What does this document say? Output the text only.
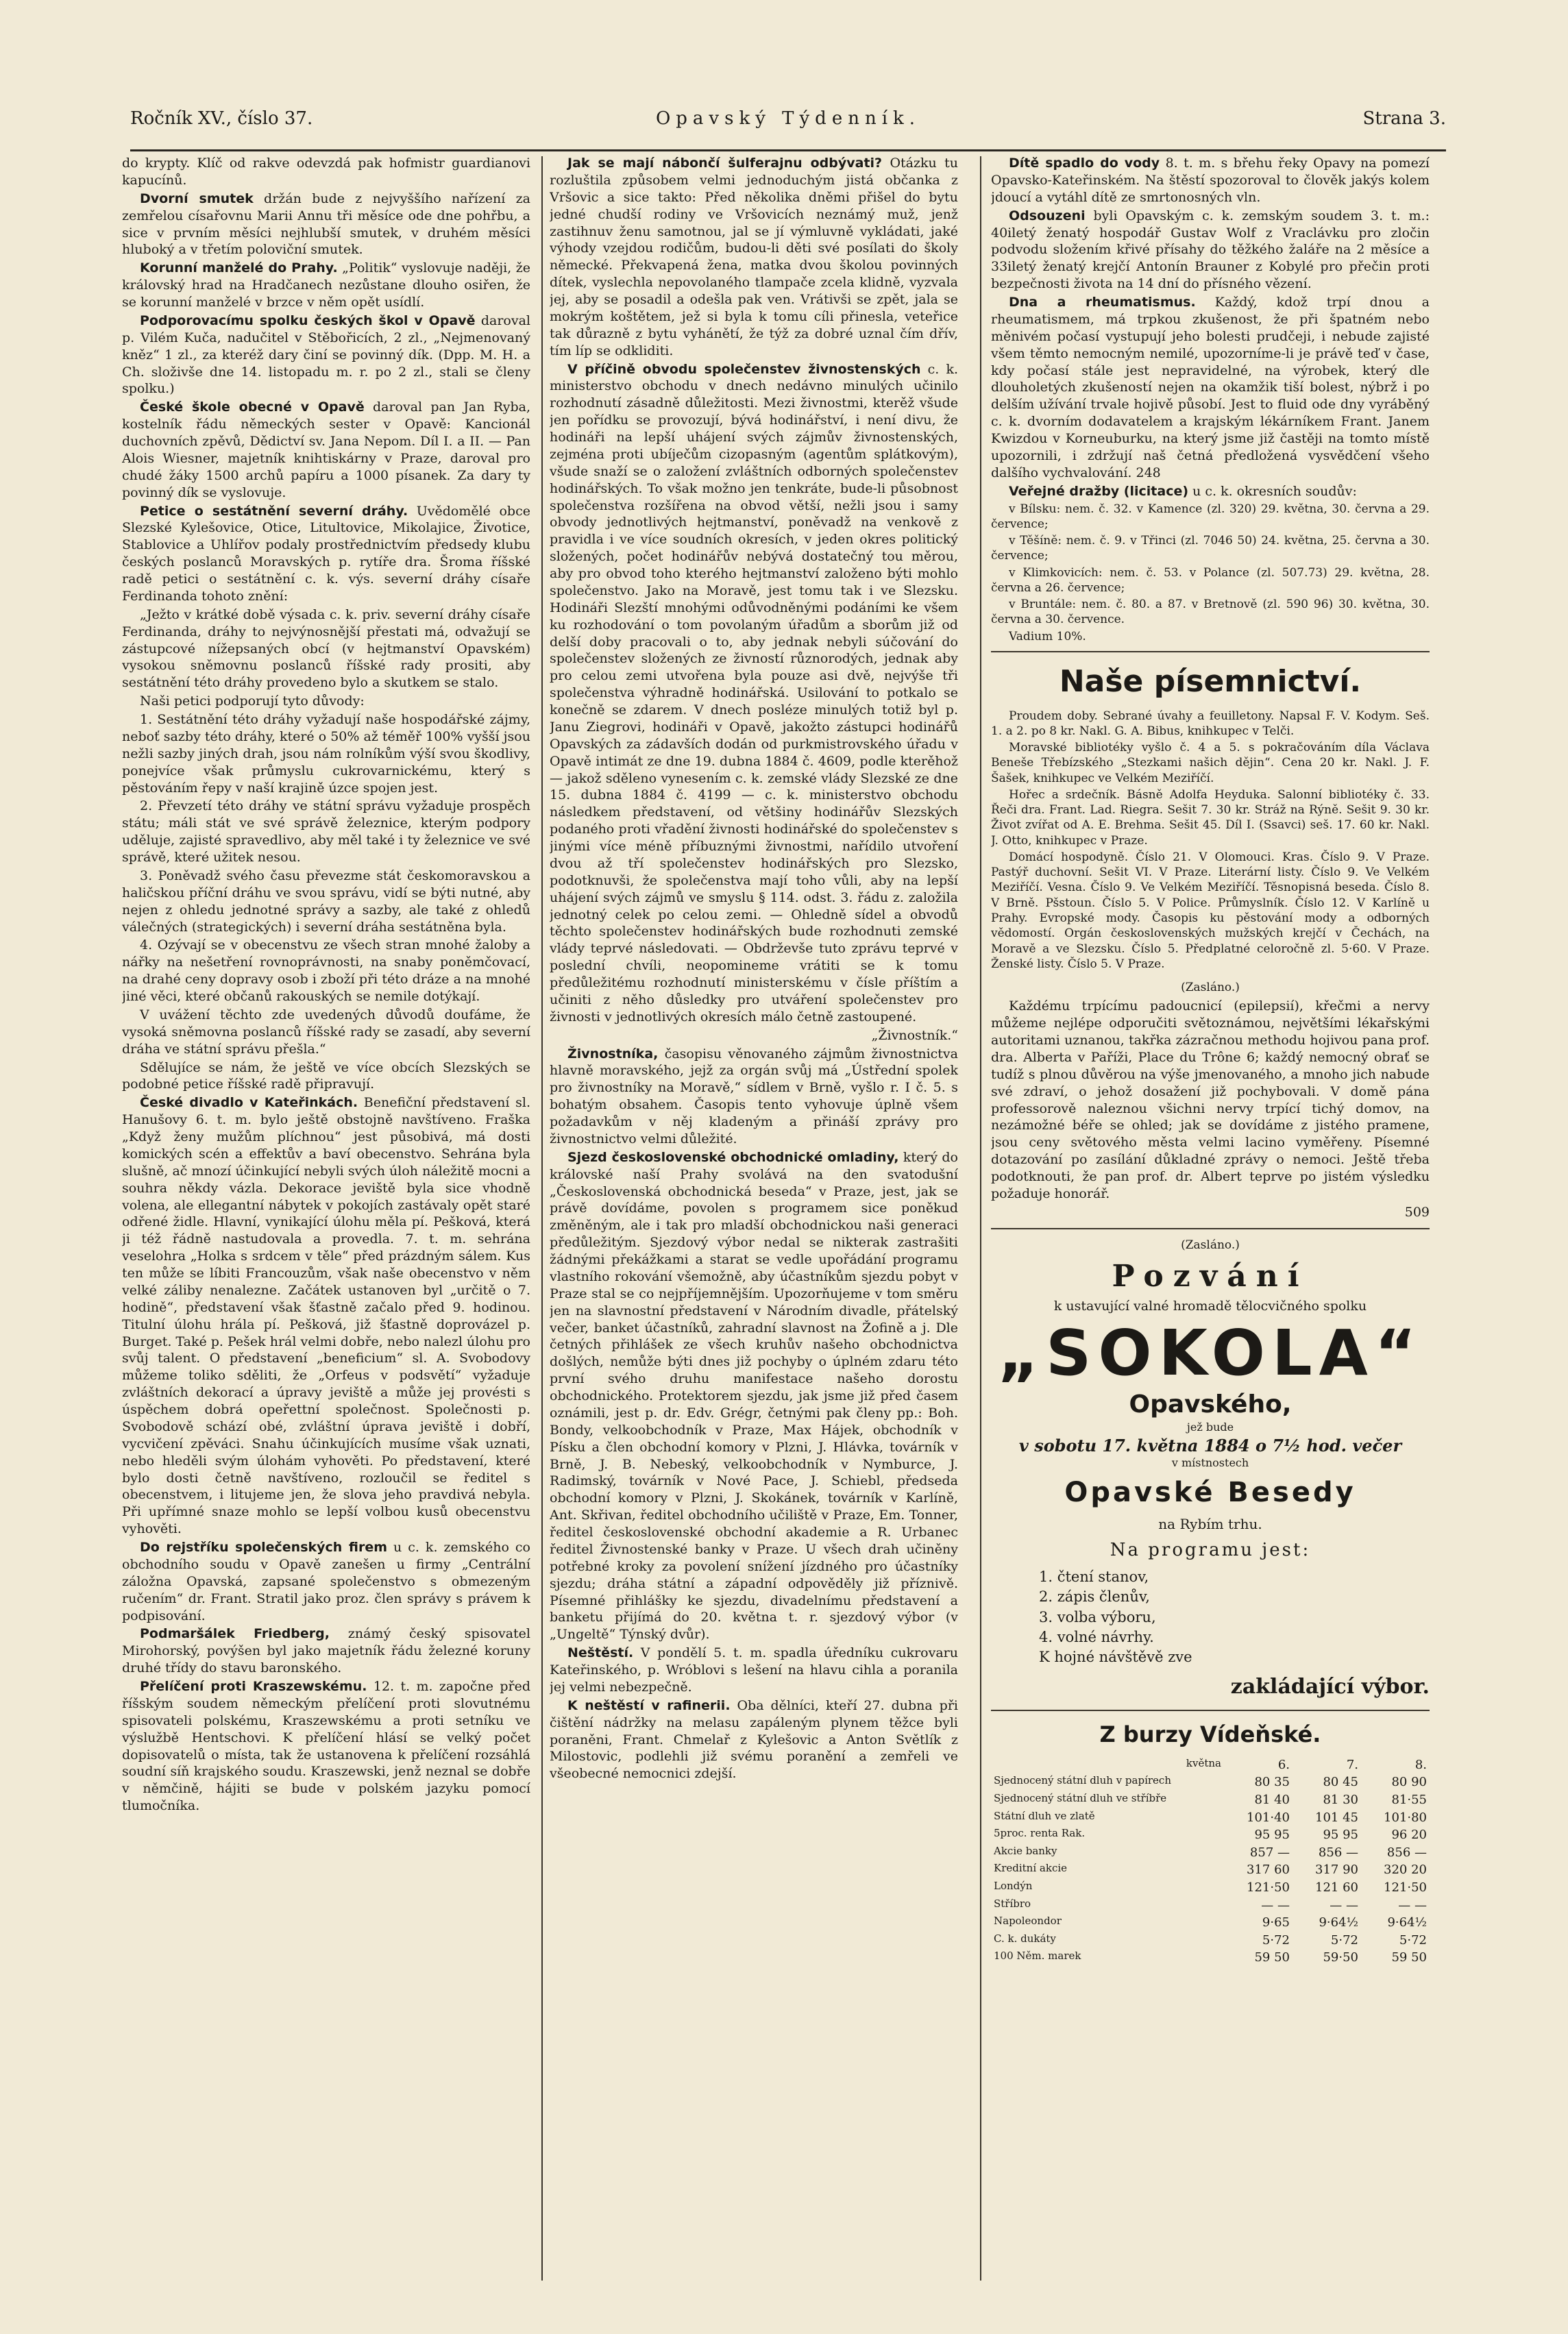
Ročník XV., číslo 37.	Opavský Týdenník.	Strana 3.

do krypty. Klíč od rakve odevzdá pak hofmistr guardianovi kapucínů.

Dvorní smutek držán bude z nejvyššího nařízení za zemřelou císařovnu Marii Annu tři měsíce ode dne pohřbu, a sice v prvním měsíci nejhlubší smutek, v druhém měsíci hluboký a v třetím poloviční smutek.

Korunní manželé do Prahy. „Politik“ vyslovuje naději, že královský hrad na Hradčanech nezůstane dlouho osiřen, že se korunní manželé v brzce v něm opět usídlí.

Podporovacímu spolku českých škol v Opavě daroval p. Vilém Kuča, nadučitel v Stěbořicích, 2 zl., „Nejmenovaný kněz“ 1 zl., za kteréž dary činí se povinný dík. (Dpp. M. H. a Ch. složivše dne 14. listopadu m. r. po 2 zl., stali se členy spolku.)

České škole obecné v Opavě daroval pan Jan Ryba, kostelník řádu německých sester v Opavě: Kancionál duchovních zpěvů, Dědictví sv. Jana Nepom. Díl I. a II. — Pan Alois Wiesner, majetník knihtiskárny v Praze, daroval pro chudé žáky 1500 archů papíru a 1000 písanek. Za dary ty povinný dík se vyslovuje.

Petice o sestátnění severní dráhy. Uvědomělé obce Slezské Kylešovice, Otice, Litultovice, Mikolajice, Životice, Stablovice a Uhlířov podaly prostřednictvím předsedy klubu českých poslanců Moravských p. rytíře dra. Šroma říšské radě petici o sestátnění c. k. výs. severní dráhy císaře Ferdinanda tohoto znění:

„Ježto v krátké době výsada c. k. priv. severní dráhy císaře Ferdinanda, dráhy to nejvýnosnější přestati má, odvažují se zástupcové nížepsaných obcí (v hejtmanství Opavském) vysokou sněmovnu poslanců říšské rady prositi, aby sestátnění této dráhy provedeno bylo a skutkem se stalo.

Naši petici podporují tyto důvody:

1. Sestátnění této dráhy vyžadují naše hospodářské zájmy, neboť sazby této dráhy, které o 50% až téměř 100% vyšší jsou nežli sazby jiných drah, jsou nám rolníkům výší svou škodlivy, ponejvíce však průmyslu cukrovarnickému, který s pěstováním řepy v naší krajině úzce spojen jest.

2. Převzetí této dráhy ve státní správu vyžaduje prospěch státu; máli stát ve své správě železnice, kterým podpory uděluje, zajisté spravedlivo, aby měl také i ty železnice ve své správě, které užitek nesou.

3. Poněvadž svého času převezme stát českomoravskou a haličskou příční dráhu ve svou správu, vidí se býti nutné, aby nejen z ohledu jednotné správy a sazby, ale také z ohledů válečných (strategických) i severní dráha sestátněna byla.

4. Ozývají se v obecenstvu ze všech stran mnohé žaloby a nářky na nešetření rovnoprávnosti, na snaby poněmčovací, na drahé ceny dopravy osob i zboží při této dráze a na mnohé jiné věci, které občanů rakouských se nemile dotýkají.

V uvážení těchto zde uvedených důvodů doufáme, že vysoká sněmovna poslanců říšské rady se zasadí, aby severní dráha ve státní správu přešla.“

Sdělujíce se nám, že ještě ve více obcích Slezských se podobné petice říšské radě připravují.

České divadlo v Kateřinkách. Benefiční představení sl. Hanušovy 6. t. m. bylo ještě obstojně navštíveno. Fraška „Když ženy mužům plíchnou“ jest působivá, má dosti komických scén a effektův a baví obecenstvo. Sehrána byla slušně, ač mnozí účinkující nebyli svých úloh náležitě mocni a souhra někdy vázla. Dekorace jeviště byla sice vhodně volena, ale ellegantní nábytek v pokojích zastávaly opět staré odřené židle. Hlavní, vynikající úlohu měla pí. Pešková, která ji též řádně nastudovala a provedla. 7. t. m. sehrána veselohra „Holka s srdcem v těle“ před prázdným sálem. Kus ten může se líbiti Francouzům, však naše obecenstvo v něm velké záliby nenalezne. Začátek ustanoven byl „určitě o 7. hodině“, představení však šťastně začalo před 9. hodinou. Titulní úlohu hrála pí. Pešková, již šťastně doprovázel p. Burget. Také p. Pešek hrál velmi dobře, nebo nalezl úlohu pro svůj talent. O představení „beneficium“ sl. A. Svobodovy můžeme toliko sděliti, že „Orfeus v podsvětí“ vyžaduje zvláštních dekorací a úpravy jeviště a může jej provésti s úspěchem dobrá opeřettní společnost. Společnosti p. Svobodově schází obé, zvláštní úprava jeviště i dobří, vycvičení zpěváci. Snahu účinkujících musíme však uznati, nebo hleděli svým úlohám vyhověti. Po představení, které bylo dosti četně navštíveno, rozloučil se ředitel s obecenstvem, i litujeme jen, že slova jeho pravdivá nebyla. Při upřímné snaze mohlo se lepší volbou kusů obecenstvu vyhověti.

Do rejstříku společenských firem u c. k. zemského co obchodního soudu v Opavě zanešen u firmy „Centrální záložna Opavská, zapsané společenstvo s obmezeným ručením“ dr. Frant. Stratil jako proz. člen správy s právem k podpisování.

Podmaršálek Friedberg, známý český spisovatel Mirohorský, povýšen byl jako majetník řádu železné koruny druhé třídy do stavu baronského.

Přelíčení proti Kraszewskému. 12. t. m. započne před říšským soudem německým přelíčení proti slovutnému spisovateli polskému, Kraszewskému a proti setníku ve výslužbě Hentschovi. K přelíčení hlásí se velký počet dopisovatelů o místa, tak že ustanovena k přelíčení rozsáhlá soudní síň krajského soudu. Kraszewski, jenž neznal se dobře v němčině, hájiti se bude v polském jazyku pomocí tlumočníka.

Jak se mají nábončí šulferajnu odbývati? Otázku tu rozluštila způsobem velmi jednoduchým jistá občanka z Vršovic a sice takto: Před několika dněmi přišel do bytu jedné chudší rodiny ve Vršovicích neznámý muž, jenž zastihnuv ženu samotnou, jal se jí výmluvně vykládati, jaké výhody vzejdou rodičům, budou-li děti své posílati do školy německé. Překvapená žena, matka dvou školou povinných dítek, vyslechla nepovolaného tlampače zcela klidně, vyzvala jej, aby se posadil a odešla pak ven. Vrátivši se zpět, jala se mokrým koštětem, jež si byla k tomu cíli přinesla, veteřice tak důrazně z bytu vyhánětí, že týž za dobré uznal čím dřív, tím líp se odkliditi.

V příčině obvodu společenstev živnostenských c. k. ministerstvo obchodu v dnech nedávno minulých učinilo rozhodnutí zásadně důležitosti. Mezi živnostmi, kterěž všude jen pořídku se provozují, bývá hodinářství, i není divu, že hodináři na lepší uhájení svých zájmův živnostenských, zejména proti ubíječům cizopasným (agentům splátkovým), všude snaží se o založení zvláštních odborných společenstev hodinářských. To však možno jen tenkráte, bude-li působnost společenstva rozšířena na obvod větší, nežli jsou i samy obvody jednotlivých hejtmanství, poněvadž na venkově z pravidla i ve více soudních okresích, v jeden okres politický složených, počet hodinářův nebývá dostatečný tou měrou, aby pro obvod toho kterého hejtmanství založeno býti mohlo společenstvo. Jako na Moravě, jest tomu tak i ve Slezsku. Hodináři Slezští mnohými odůvodněnými podáními ke všem ku rozhodování o tom povolaným úřadům a sborům již od delší doby pracovali o to, aby jednak nebyli súčování do společenstev složených ze živností různorodých, jednak aby pro celou zemi utvořena byla pouze asi dvě, nejvýše tři společenstva výhradně hodinářská. Usilování to potkalo se konečně se zdarem. V dnech posléze minulých totiž byl p. Janu Ziegrovi, hodináři v Opavě, jakožto zástupci hodinářů Opavských za zádavších dodán od purkmistrovského úřadu v Opavě intimát ze dne 19. dubna 1884 č. 4609, podle kterěhož — jakož sděleno vynesením c. k. zemské vlády Slezské ze dne 15. dubna 1884 č. 4199 — c. k. ministerstvo obchodu následkem představení, od většiny hodinářův Slezských podaného proti vřadění živnosti hodinářské do společenstev s jinými více méně příbuznými živnostmi, nařídilo utvoření dvou až tří společenstev hodinářských pro Slezsko, podotknuvši, že společenstva mají toho vůli, aby na lepší uhájení svých zájmů ve smyslu § 114. odst. 3. řádu z. založila jednotný celek po celou zemi. — Ohledně sídel a obvodů těchto společenstev hodinářských bude rozhodnuti zemské vlády teprvé následovati. — Obdrževše tuto zprávu teprvé v poslední chvíli, neopomineme vrátiti se k tomu předůležitému rozhodnutí ministerskému v čísle příštím a učiniti z něho důsledky pro utváření společenstev pro živnosti v jednotlivých okresích málo četně zastoupené.

„Živnostník.“

Živnostníka, časopisu věnovaného zájmům živnostnictva hlavně moravského, jejž za orgán svůj má „Ústřední spolek pro živnostníky na Moravě,“ sídlem v Brně, vyšlo r. I č. 5. s bohatým obsahem. Časopis tento vyhovuje úplně všem požadavkům v něj kladeným a přináší zprávy pro živnostnictvo velmi důležité.

Sjezd československé obchodnické omladiny, který do královské naší Prahy svolává na den svatodušní „Československá obchodnická beseda“ v Praze, jest, jak se právě dovídáme, povolen s programem sice poněkud změněným, ale i tak pro mladší obchodnickou naši generaci předůležitým. Sjezdový výbor nedal se nikterak zastrašiti žádnými překážkami a starat se vedle upořádání programu vlastního rokování všemožně, aby účastníkům sjezdu pobyt v Praze stal se co nejpříjemnějším. Upozorňujeme v tom směru jen na slavnostní představení v Národním divadle, přátelský večer, banket účastníků, zahradní slavnost na Žofině a j. Dle četných přihlášek ze všech kruhův našeho obchodnictva došlých, nemůže býti dnes již pochyby o úplném zdaru této první svého druhu manifestace našeho dorostu obchodnického. Protektorem sjezdu, jak jsme již před časem oznámili, jest p. dr. Edv. Grégr, četnými pak členy pp.: Boh. Bondy, velkoobchodník v Praze, Max Hájek, obchodník v Písku a člen obchodní komory v Plzni, J. Hlávka, továrník v Brně, J. B. Nebeský, velkoobchodník v Nymburce, J. Radimský, továrník v Nové Pace, J. Schiebl, předseda obchodní komory v Plzni, J. Skokánek, továrník v Karlíně, Ant. Skřivan, ředitel obchodního učiliště v Praze, Em. Tonner, ředitel československé obchodní akademie a R. Urbanec ředitel Živnostenské banky v Praze. U všech drah učiněny potřebné kroky za povolení snížení jízdného pro účastníky sjezdu; dráha státní a západní odpověděly již příznivě. Písemné přihlášky ke sjezdu, divadelnímu představení a banketu přijímá do 20. května t. r. sjezdový výbor (v „Ungeltě“ Týnský dvůr).

Neštěstí. V pondělí 5. t. m. spadla úředníku cukrovaru Kateřinského, p. Wróblovi s lešení na hlavu cihla a poranila jej velmi nebezpečně.

K neštěstí v rafinerii. Oba dělníci, kteří 27. dubna při čištění nádržky na melasu zapáleným plynem těžce byli poraněni, Frant. Chmelař z Kylešovic a Anton Světlík z Milostovic, podlehli již svému poranění a zemřeli ve všeobecné nemocnici zdejší.

Dítě spadlo do vody 8. t. m. s břehu řeky Opavy na pomezí Opavsko-Kateřinském. Na štěstí spozoroval to člověk jakýs kolem jdoucí a vytáhl dítě ze smrtonosných vln.

Odsouzeni byli Opavským c. k. zemským soudem 3. t. m.: 40iletý ženatý hospodář Gustav Wolf z Vraclávku pro zločin podvodu složením křivé přísahy do těžkého žaláře na 2 měsíce a 33iletý ženatý krejčí Antonín Brauner z Kobylé pro přečin proti bezpečnosti života na 14 dní do přísného vězení.

Dna a rheumatismus. Každý, kdož trpí dnou a rheumatismem, má trpkou zkušenost, že při špatném nebo měnivém počasí vystupují jeho bolesti prudčeji, i nebude zajisté všem těmto nemocným nemilé, upozorníme-li je právě teď v čase, kdy počasí stále jest nepravidelné, na výrobek, který dle dlouholetých zkušeností nejen na okamžik tiší bolest, nýbrž i po delším užívání trvale hojivě působí. Jest to fluid ode dny vyráběný c. k. dvorním dodavatelem a krajským lékárníkem Frant. Janem Kwizdou v Korneuburku, na který jsme již častěji na tomto místě upozornili, i zdržují naš četná předložená vysvědčení všeho dalšího vychvalování. 248

Veřejné dražby (licitace) u c. k. okresních soudův:

v Bílsku: nem. č. 32. v Kamence (zl. 320) 29. května, 30. června a 29. července;

v Těšíně: nem. č. 9. v Třinci (zl. 7046 50) 24. května, 25. června a 30. července;

v Klimkovicích: nem. č. 53. v Polance (zl. 507.73) 29. května, 28. června a 26. července;

v Bruntále: nem. č. 80. a 87. v Bretnově (zl. 590 96) 30. května, 30. června a 30. července.

Vadium 10%.

Naše písemnictví.

Proudem doby. Sebrané úvahy a feuilletony. Napsal F. V. Kodym. Seš. 1. a 2. po 8 kr. Nakl. G. A. Bibus, knihkupec v Telči.

Moravské bibliotéky vyšlo č. 4 a 5. s pokračováním díla Václava Beneše Třebízského „Stezkami našich dějin“. Cena 20 kr. Nakl. J. F. Šašek, knihkupec ve Velkém Meziříčí.

Hořec a srdečník. Básně Adolfa Heyduka. Salonní bibliotéky č. 33. Řeči dra. Frant. Lad. Riegra. Sešit 7. 30 kr. Stráž na Rýně. Sešit 9. 30 kr. Život zvířat od A. E. Brehma. Sešit 45. Díl I. (Ssavci) seš. 17. 60 kr. Nakl. J. Otto, knihkupec v Praze.

Domácí hospodyně. Číslo 21. V Olomouci. Kras. Číslo 9. V Praze. Pastýř duchovní. Sešit VI. V Praze. Literární listy. Číslo 9. Ve Velkém Meziříčí. Vesna. Číslo 9. Ve Velkém Meziříčí. Těsnopisná beseda. Číslo 8. V Brně. Pšstoun. Číslo 5. V Police. Průmyslník. Číslo 12. V Karlíně u Prahy. Evropské mody. Časopis ku pěstování mody a odborných vědomostí. Orgán československých mužských krejčí v Čechách, na Moravě a ve Slezsku. Číslo 5. Předplatné celoročně zl. 5·60. V Praze. Ženské listy. Číslo 5. V Praze.

(Zasláno.)

Každému trpícímu padoucnicí (epilepsií), křečmi a nervy můžeme nejlépe odporučiti světoznámou, největšími lékařskými autoritami uznanou, takřka zázračnou methodu hojivou pana prof. dra. Albertа v Paříži, Place du Trône 6; každý nemocný obrať se tudíž s plnou důvěrou na výše jmenovaného, a mnoho jich nabude své zdraví, o jehož dosažení již pochybovali. V domě pána professorově naleznou všichni nervy trpící tichý domov, na nezámožné béře se ohled; jak se dovídáme z jistého pramene, jsou ceny světového města velmi lacino vyměřeny. Písemné dotazování po zasílání důkladné zprávy o nemoci. Ještě třeba podotknouti, že pan prof. dr. Albert teprve po jistém výsledku požaduje honorář.

509

(Zasláno.)
Pozvání
k ustavující valné hromadě tělocvičného spolku
„SOKOLA“
Opavského,
jež bude
v sobotu 17. května 1884 o 7½ hod. večer
v místnostech
Opavské Besedy
na Rybím trhu.
Na programu jest:
1. čtení stanov,
2. zápis členův,
3. volba výboru,
4. volné návrhy.
K hojné návštěvě zve
zakládající výbor.
Z burzy Vídeňské.
května	6.	7.	8.
Sjednocený státní dluh v papírech	80 35	80 45	80 90
Sjednocený státní dluh ve stříbře	81 40	81 30	81·55
Státní dluh ve zlatě	101·40	101 45	101·80
5proc. renta Rak.	95 95	95 95	96 20
Akcie banky	857 —	856 —	856 —
Kreditní akcie	317 60	317 90	320 20
Londýn	121·50	121 60	121·50
Stříbro	— —	— —	— —
Napoleondor	9·65	9·64½	9·64½
C. k. dukáty	5·72	5·72	5·72
100 Něm. marek	59 50	59·50	59 50
